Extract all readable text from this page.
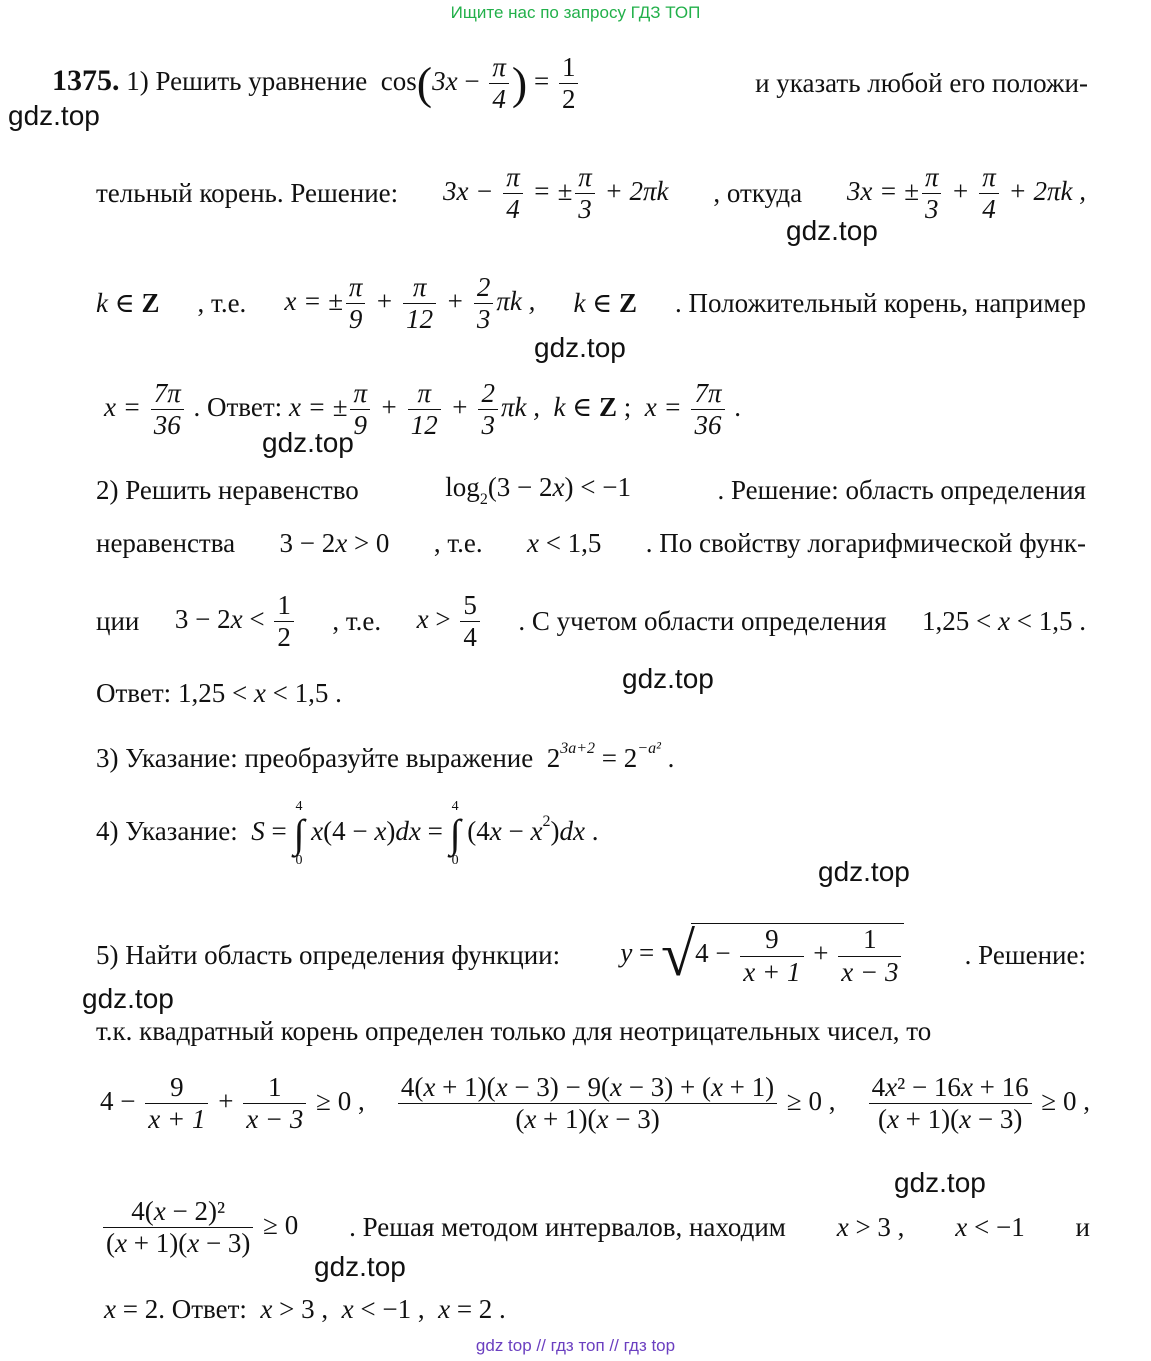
Ищите нас по запросу ГДЗ ТОП
gdz.top
gdz.top
gdz.top
gdz.top
gdz.top
gdz.top
gdz.top
gdz.top
gdz.top
1375. 1) Решить уравнение  $\cos(3x - \frac{\pi}{4}$ ) = $\frac{1}{2}$	и указать любой его положи-
тельный корень. Решение: $3x - \frac{\pi}{4}$ = ± $\frac{\pi}{3} + 2\pi k$ , откуда 3x = ± $\frac{\pi}{3} + \frac{\pi}{4} + 2\pi k$ ,
k ∈ Z , т.е. x = ± $\frac{\pi}{9} + \frac{\pi}{12} + \frac{2}{3}$ πk , k ∈ Z . Положительный корень, например
$x = \frac{7\pi}{36}$ . Ответ: x = ± $\frac{\pi}{9} + \frac{\pi}{12} + \frac{2}{3}$ πk , k ∈ Z ;  $x = \frac{7\pi}{36}$ .
2) Решить неравенство	$\log_2(3 - 2x) < -1$	. Решение: область определения
неравенства 3 − 2x > 0 , т.е. x < 1,5 . По свойству логарифмической функ-
ции $3 - 2x < \frac{1}{2}$ , т.е. $x > \frac{5}{4}$ . С учетом области определения 1,25 < x < 1,5 .
Ответ: 1,25 < x < 1,5 .
3) Указание: преобразуйте выражение  $2^{3a+2} = 2^{-a^2}$ .
4) Указание: S = 4
∫
0 x(4 − x)dx = 4
∫
0 $(4x - x^2)dx$ .
5) Найти область определения функции: $y = √4 - \frac{9}{x + 1} + \frac{1}{x - 3}$ . Решение:
т.к. квадратный корень определен только для неотрицательных чисел, то
$4 - \frac{9}{x + 1} + \frac{1}{x - 3} \ge 0$ , $\frac{4(x + 1)(x - 3) - 9(x - 3) + (x + 1)}{(x + 1)(x - 3)} \ge 0$ , $\frac{\text{4x² − 16x + 16}}{(x + 1)(x - 3)} \ge 0$ ,
$\frac{\text{4(x − 2)²}}{(x + 1)(x - 3)} \ge 0$ . Решая методом интервалов, находим x > 3 , x < −1 и
x = 2. Ответ: x > 3 ,  x < −1 ,  x = 2 .
gdz top // гдз топ // гдз top
